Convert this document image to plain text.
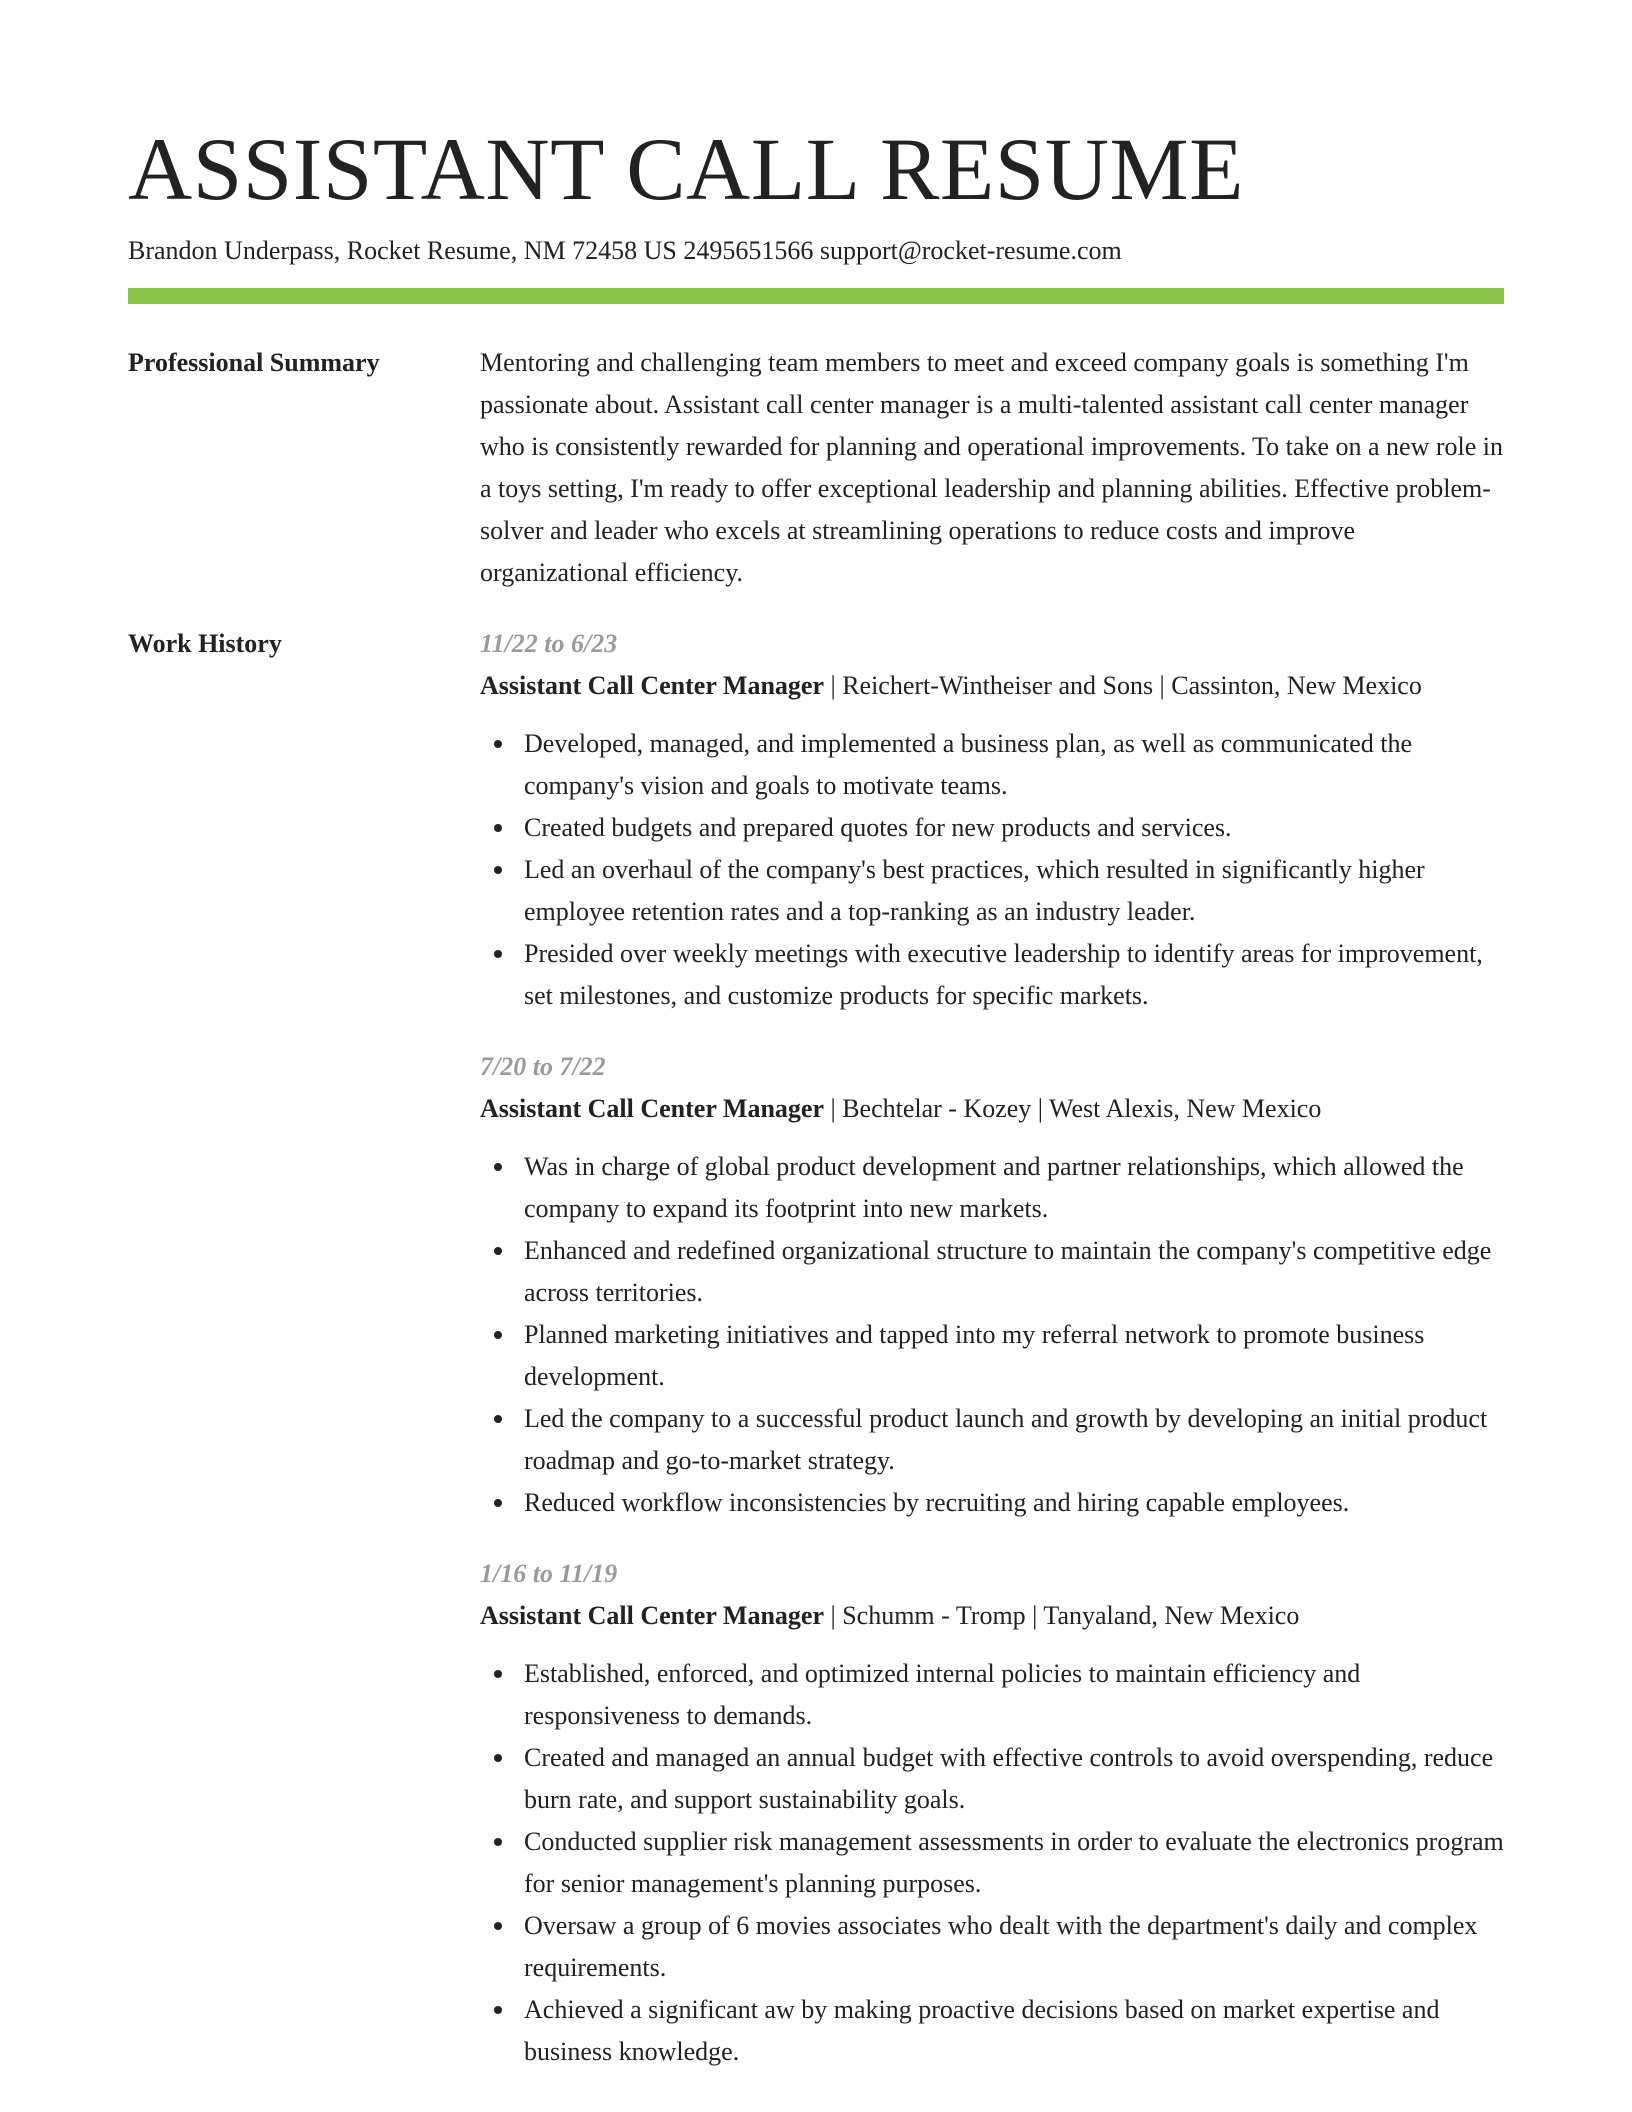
ASSISTANT CALL RESUME
Brandon Underpass, Rocket Resume, NM 72458 US 2495651566 support@rocket-resume.com
Professional Summary	Mentoring and challenging team members to meet and exceed company goals is something I'm passionate about. Assistant call center manager is a multi-talented assistant call center manager who is consistently rewarded for planning and operational improvements. To take on a new role in a toys setting, I'm ready to offer exceptional leadership and planning abilities. Effective problem-solver and leader who excels at streamlining operations to reduce costs and improve organizational efficiency.

Work History	11/22 to 6/23
Assistant Call Center Manager | Reichert-Wintheiser and Sons | Cassinton, New Mexico
Developed, managed, and implemented a business plan, as well as communicated the company's vision and goals to motivate teams.
Created budgets and prepared quotes for new products and services.
Led an overhaul of the company's best practices, which resulted in significantly higher employee retention rates and a top-ranking as an industry leader.
Presided over weekly meetings with executive leadership to identify areas for improvement, set milestones, and customize products for specific markets.
7/20 to 7/22
Assistant Call Center Manager | Bechtelar - Kozey | West Alexis, New Mexico
Was in charge of global product development and partner relationships, which allowed the company to expand its footprint into new markets.
Enhanced and redefined organizational structure to maintain the company's competitive edge across territories.
Planned marketing initiatives and tapped into my referral network to promote business development.
Led the company to a successful product launch and growth by developing an initial product roadmap and go-to-market strategy.
Reduced workflow inconsistencies by recruiting and hiring capable employees.
1/16 to 11/19
Assistant Call Center Manager | Schumm - Tromp | Tanyaland, New Mexico
Established, enforced, and optimized internal policies to maintain efficiency and responsiveness to demands.
Created and managed an annual budget with effective controls to avoid overspending, reduce burn rate, and support sustainability goals.
Conducted supplier risk management assessments in order to evaluate the electronics program for senior management's planning purposes.
Oversaw a group of 6 movies associates who dealt with the department's daily and complex requirements.
Achieved a significant aw by making proactive decisions based on market expertise and business knowledge.
